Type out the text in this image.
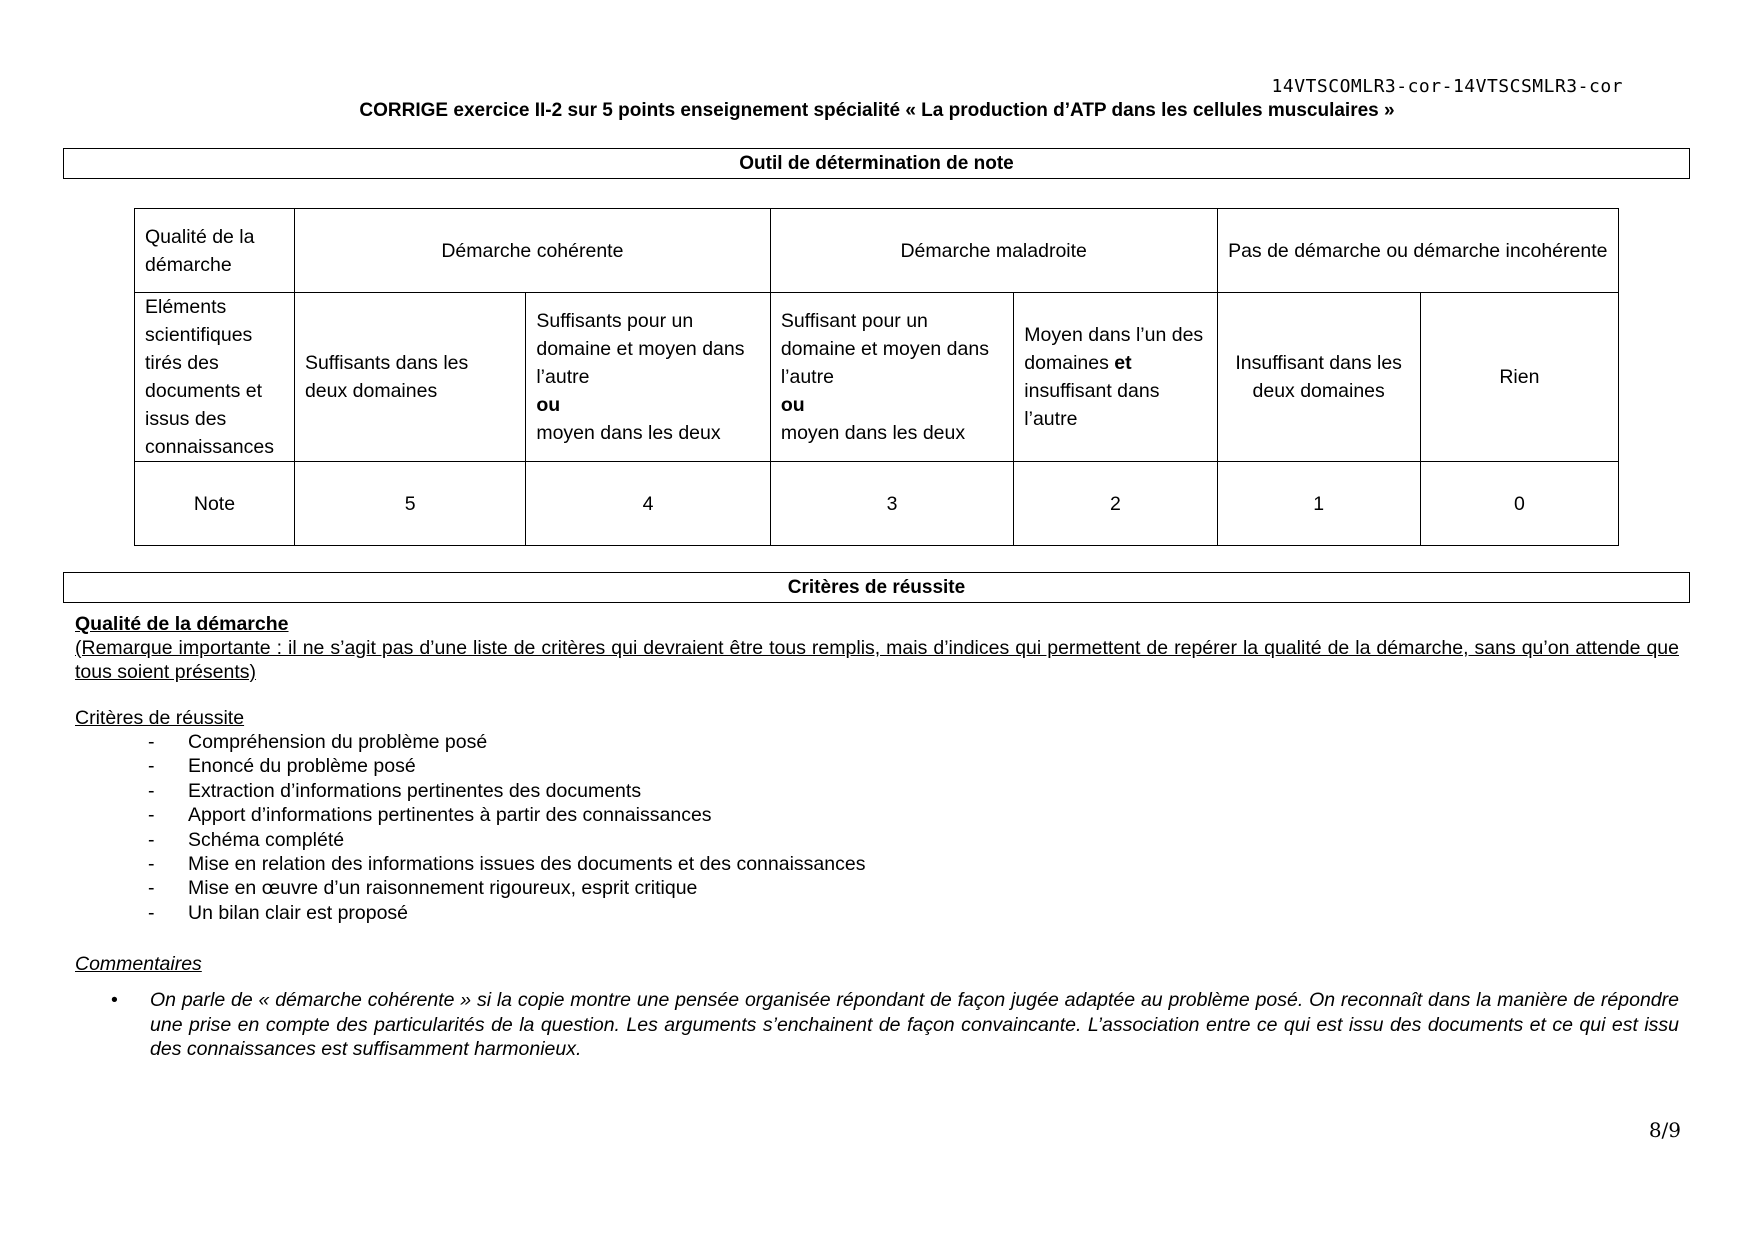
14VTSCOMLR3-cor-14VTSCSMLR3-cor
CORRIGE exercice II-2 sur 5 points enseignement spécialité « La production d’ATP dans les cellules musculaires »
Outil de détermination de note
Qualité de la démarche	Démarche cohérente		Démarche maladroite		Pas de démarche ou démarche incohérente	
Eléments scientifiques tirés des documents et issus des connaissances	Suffisants dans les deux domaines	Suffisants pour un domaine et moyen dans l’autre
ou
moyen dans les deux	Suffisant pour un domaine et moyen dans l’autre
ou
moyen dans les deux	Moyen dans l’un des domaines et insuffisant dans l’autre	Insuffisant dans les deux domaines	Rien
Note	5	4	3	2	1	0
Critères de réussite
Qualité de la démarche
(Remarque importante : il ne s’agit pas d’une liste de critères qui devraient être tous remplis, mais d’indices qui permettent de repérer la qualité de la démarche, sans qu’on attende que tous soient présents)
Critères de réussite
- Compréhension du problème posé
- Enoncé du problème posé
- Extraction d’informations pertinentes des documents
- Apport d’informations pertinentes à partir des connaissances
- Schéma complété
- Mise en relation des informations issues des documents et des connaissances
- Mise en œuvre d’un raisonnement rigoureux, esprit critique
- Un bilan clair est proposé
Commentaires
• On parle de « démarche cohérente » si la copie montre une pensée organisée répondant de façon jugée adaptée au problème posé. On reconnaît dans la manière de répondre une prise en compte des particularités de la question. Les arguments s’enchainent de façon convaincante. L’association entre ce qui est issu des documents et ce qui est issu des connaissances est suffisamment harmonieux.
8/9
